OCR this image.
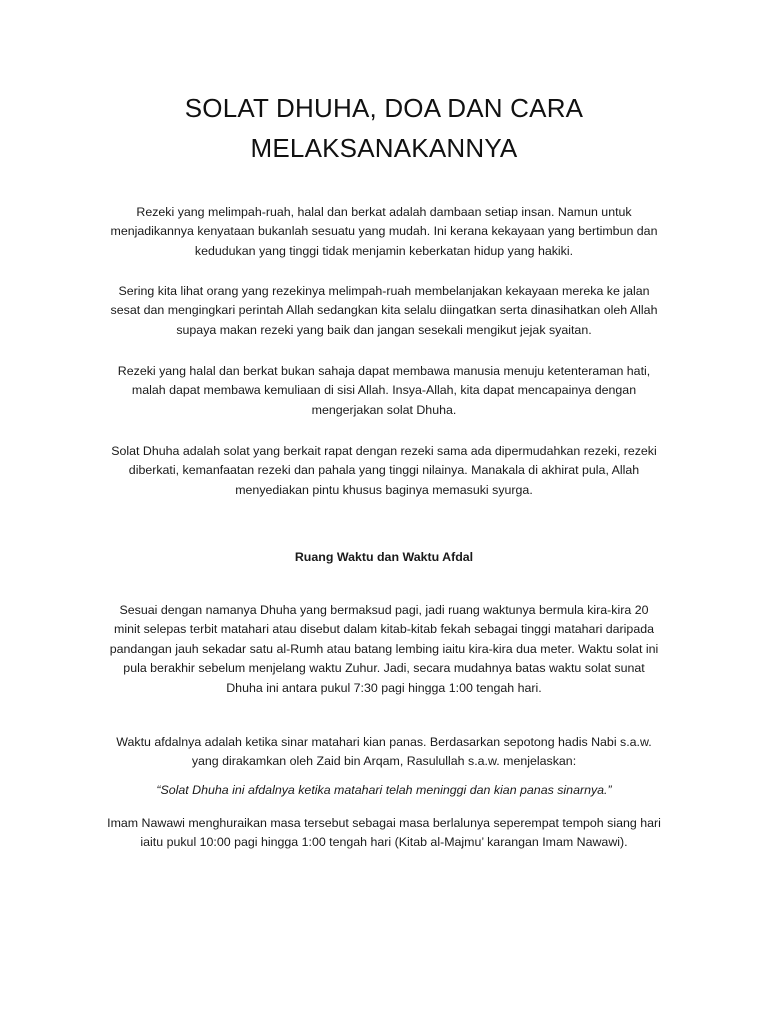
SOLAT DHUHA, DOA DAN CARA
MELAKSANAKANNYA
Rezeki yang melimpah-ruah, halal dan berkat adalah dambaan setiap insan. Namun untuk
menjadikannya kenyataan bukanlah sesuatu yang mudah. Ini kerana kekayaan yang bertimbun dan
kedudukan yang tinggi tidak menjamin keberkatan hidup yang hakiki.
Sering kita lihat orang yang rezekinya melimpah-ruah membelanjakan kekayaan mereka ke jalan
sesat dan mengingkari perintah Allah sedangkan kita selalu diingatkan serta dinasihatkan oleh Allah
supaya makan rezeki yang baik dan jangan sesekali mengikut jejak syaitan.
Rezeki yang halal dan berkat bukan sahaja dapat membawa manusia menuju ketenteraman hati,
malah dapat membawa kemuliaan di sisi Allah. Insya-Allah, kita dapat mencapainya dengan
mengerjakan solat Dhuha.
Solat Dhuha adalah solat yang berkait rapat dengan rezeki sama ada dipermudahkan rezeki, rezeki
diberkati, kemanfaatan rezeki dan pahala yang tinggi nilainya. Manakala di akhirat pula, Allah
menyediakan pintu khusus baginya memasuki syurga.
Ruang Waktu dan Waktu Afdal
Sesuai dengan namanya Dhuha yang bermaksud pagi, jadi ruang waktunya bermula kira-kira 20
minit selepas terbit matahari atau disebut dalam kitab-kitab fekah sebagai tinggi matahari daripada
pandangan jauh sekadar satu al-Rumh atau batang lembing iaitu kira-kira dua meter. Waktu solat ini
pula berakhir sebelum menjelang waktu Zuhur. Jadi, secara mudahnya batas waktu solat sunat
Dhuha ini antara pukul 7:30 pagi hingga 1:00 tengah hari.
Waktu afdalnya adalah ketika sinar matahari kian panas. Berdasarkan sepotong hadis Nabi s.a.w.
yang dirakamkan oleh Zaid bin Arqam, Rasulullah s.a.w. menjelaskan:
“Solat Dhuha ini afdalnya ketika matahari telah meninggi dan kian panas sinarnya.”
Imam Nawawi menghuraikan masa tersebut sebagai masa berlalunya seperempat tempoh siang hari
iaitu pukul 10:00 pagi hingga 1:00 tengah hari (Kitab al-Majmu’ karangan Imam Nawawi).
